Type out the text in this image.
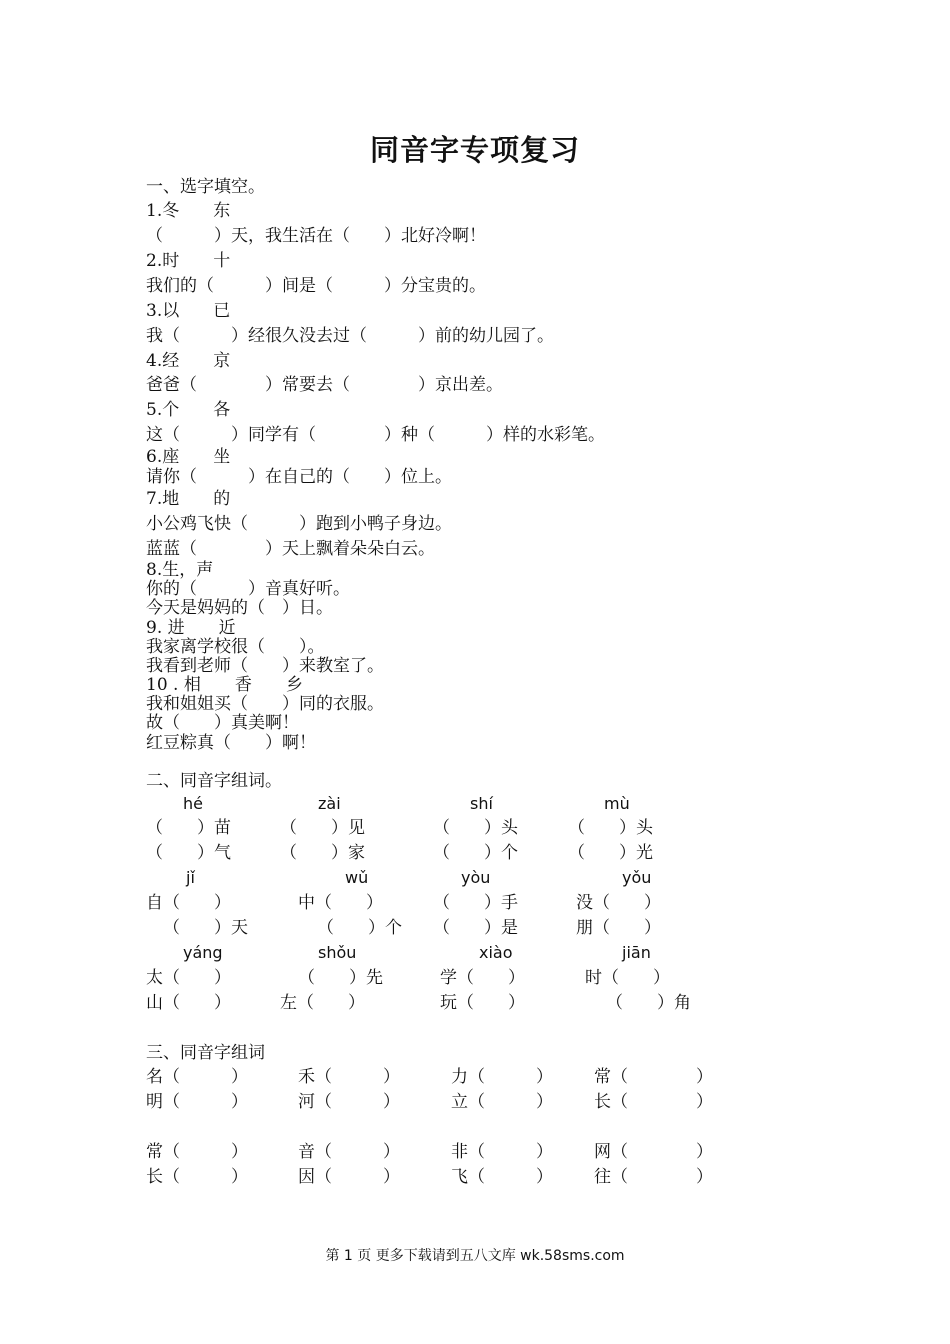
同音字专项复习
一、选字填空。
1.冬　　东
（　　　）天，我生活在（　　）北好冷啊！
2.时　　十
我们的（　　　）间是（　　　）分宝贵的。
3.以　　已
我（　　　）经很久没去过（　　　）前的幼儿园了。
4.经　　京
爸爸（　　　　）常要去（　　　　）京出差。
5.个　　各
这（　　　）同学有（　　　　）种（　　　）样的水彩笔。
6.座　　坐
请你（　　　）在自己的（　　）位上。
7.地　　的
小公鸡飞快（　　　）跑到小鸭子身边。
蓝蓝（　　　　）天上飘着朵朵白云。
8.生，声
你的（　　　）音真好听。
今天是妈妈的（　）日。
9. 进　　近
我家离学校很（　　）。
我看到老师（　　）来教室了。
10 . 相　　香　　乡
我和姐姐买（　　）同的衣服。
故（　　）真美啊！
红豆粽真（　　）啊！
二、同音字组词。
hé	zài	shí	mù
（　　）苗	（　　）见	（　　）头	（　　）头
（　　）气	（　　）家	（　　）个	（　　）光
jǐ	wǔ	yòu	yǒu
自（　　）	中（　　）	（　　）手	没（　　）
（　　）天	（　　）个 （　　）是	朋（　　）
yáng	shǒu	xiào	jiān
太（　　）	（　　）先	学（　　）	时（　　）
山（　　）	左（　　）	玩（　　）	（　　）角
三、同音字组词
名（　　　）	禾（　　　）	力（　　　） 常（　　　　）
明（　　　）	河（　　　）	立（　　　） 长（　　　　）
常（　　　）	音（　　　）	非（　　　） 网（　　　　）
长（　　　）	因（　　　）	飞（　　　） 往（　　　　）
第 1 页 更多下载请到五八文库 wk.58sms.com
